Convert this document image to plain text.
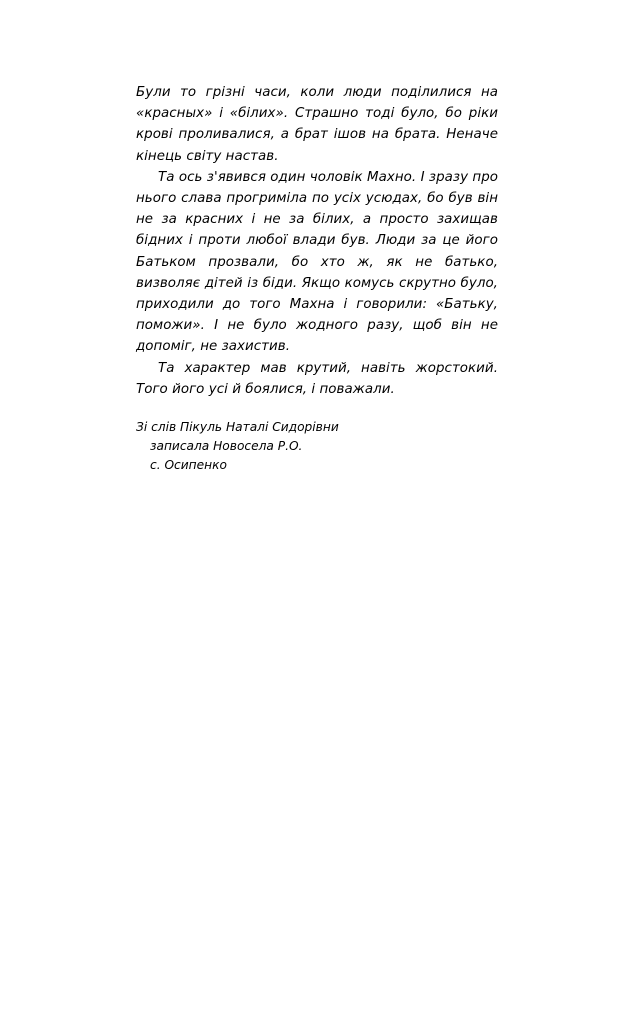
Були то грізні часи, коли люди поділилися на «красных» і «білих». Страшно тоді було, бо ріки крові проливалися, а брат ішов на брата. Неначе кінець світу настав.

Та ось з'явився один чоловік Махно. І зразу про нього слава прогриміла по усіх усюдах, бо був він не за красних і не за білих, а просто захищав бідних і проти любої влади був. Люди за це його Батьком прозвали, бо хто ж, як не батько, визволяє дітей із біди. Якщо комусь скрутно було, приходили до того Махна і говорили: «Батьку, поможи». І не було жодного разу, щоб він не допоміг, не захистив.

Та характер мав крутий, навіть жорстокий. Того його усі й боялися, і поважали.

Зі слів Пікуль Наталі Сидорівни
записала Новосела Р.О.
с. Осипенко
